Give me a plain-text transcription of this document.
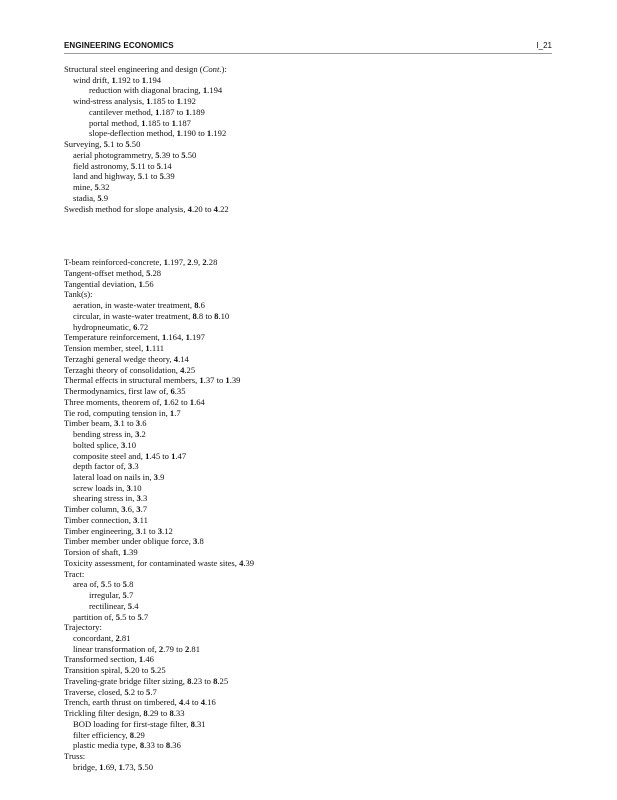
ENGINEERING ECONOMICS	I_21
Structural steel engineering and design (Cont.):
wind drift, 1.192 to 1.194
reduction with diagonal bracing, 1.194
wind-stress analysis, 1.185 to 1.192
cantilever method, 1.187 to 1.189
portal method, 1.185 to 1.187
slope-deflection method, 1.190 to 1.192
Surveying, 5.1 to 5.50
aerial photogrammetry, 5.39 to 5.50
field astronomy, 5.11 to 5.14
land and highway, 5.1 to 5.39
mine, 5.32
stadia, 5.9
Swedish method for slope analysis, 4.20 to 4.22
T-beam reinforced-concrete, 1.197, 2.9, 2.28
Tangent-offset method, 5.28
Tangential deviation, 1.56
Tank(s):
aeration, in waste-water treatment, 8.6
circular, in waste-water treatment, 8.8 to 8.10
hydropneumatic, 6.72
Temperature reinforcement, 1.164, 1.197
Tension member, steel, 1.111
Terzaghi general wedge theory, 4.14
Terzaghi theory of consolidation, 4.25
Thermal effects in structural members, 1.37 to 1.39
Thermodynamics, first law of, 6.35
Three moments, theorem of, 1.62 to 1.64
Tie rod, computing tension in, 1.7
Timber beam, 3.1 to 3.6
bending stress in, 3.2
bolted splice, 3.10
composite steel and, 1.45 to 1.47
depth factor of, 3.3
lateral load on nails in, 3.9
screw loads in, 3.10
shearing stress in, 3.3
Timber column, 3.6, 3.7
Timber connection, 3.11
Timber engineering, 3.1 to 3.12
Timber member under oblique force, 3.8
Torsion of shaft, 1.39
Toxicity assessment, for contaminated waste sites, 4.39
Tract:
area of, 5.5 to 5.8
irregular, 5.7
rectilinear, 5.4
partition of, 5.5 to 5.7
Trajectory:
concordant, 2.81
linear transformation of, 2.79 to 2.81
Transformed section, 1.46
Transition spiral, 5.20 to 5.25
Traveling-grate bridge filter sizing, 8.23 to 8.25
Traverse, closed, 5.2 to 5.7
Trench, earth thrust on timbered, 4.4 to 4.16
Trickling filter design, 8.29 to 8.33
BOD loading for first-stage filter, 8.31
filter efficiency, 8.29
plastic media type, 8.33 to 8.36
Truss:
bridge, 1.69, 1.73, 5.50
